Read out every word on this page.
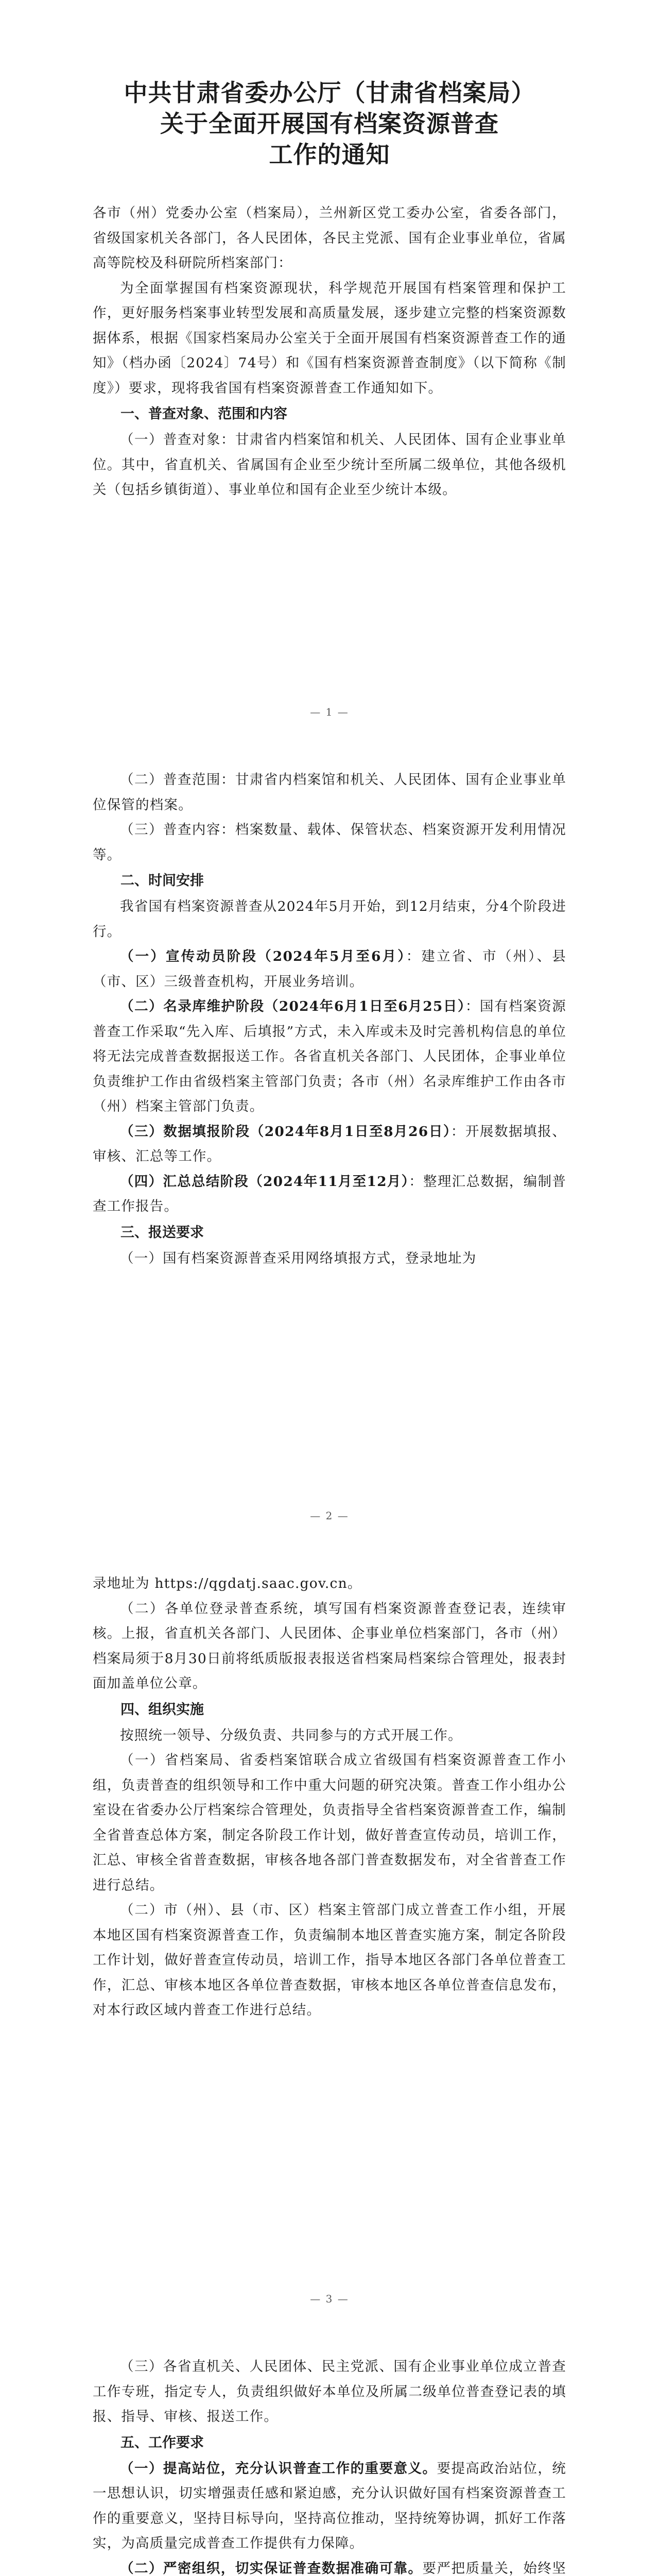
中共甘肃省委办公厅（甘肃省档案局）
关于全面开展国有档案资源普查
工作的通知
各市（州）党委办公室（档案局），兰州新区党工委办公室，省委各部门，省级国家机关各部门，各人民团体，各民主党派、国有企业事业单位，省属高等院校及科研院所档案部门：
为全面掌握国有档案资源现状，科学规范开展国有档案管理和保护工作，更好服务档案事业转型发展和高质量发展，逐步建立完整的档案资源数据体系，根据《国家档案局办公室关于全面开展国有档案资源普查工作的通知》（档办函〔2024〕74号）和《国有档案资源普查制度》（以下简称《制度》）要求，现将我省国有档案资源普查工作通知如下。
一、普查对象、范围和内容
（一）普查对象：甘肃省内档案馆和机关、人民团体、国有企业事业单位。其中，省直机关、省属国有企业至少统计至所属二级单位，其他各级机关（包括乡镇街道）、事业单位和国有企业至少统计本级。
— 1 —
（二）普查范围：甘肃省内档案馆和机关、人民团体、国有企业事业单位保管的档案。
（三）普查内容：档案数量、载体、保管状态、档案资源开发利用情况等。
二、时间安排
我省国有档案资源普查从2024年5月开始，到12月结束，分4个阶段进行。
（一）宣传动员阶段（2024年5月至6月）：建立省、市（州）、县（市、区）三级普查机构，开展业务培训。
（二）名录库维护阶段（2024年6月1日至6月25日）：国有档案资源普查工作采取“先入库、后填报”方式，未入库或未及时完善机构信息的单位将无法完成普查数据报送工作。各省直机关各部门、人民团体，企事业单位负责维护工作由省级档案主管部门负责；各市（州）名录库维护工作由各市（州）档案主管部门负责。
（三）数据填报阶段（2024年8月1日至8月26日）：开展数据填报、审核、汇总等工作。
（四）汇总总结阶段（2024年11月至12月）：整理汇总数据，编制普查工作报告。
三、报送要求
（一）国有档案资源普查采用网络填报方式，登录地址为
— 2 —
录地址为 https://qgdatj.saac.gov.cn。
（二）各单位登录普查系统，填写国有档案资源普查登记表，连续审核。上报，省直机关各部门、人民团体、企事业单位档案部门，各市（州）档案局须于8月30日前将纸质版报表报送省档案局档案综合管理处，报表封面加盖单位公章。
四、组织实施
按照统一领导、分级负责、共同参与的方式开展工作。
（一）省档案局、省委档案馆联合成立省级国有档案资源普查工作小组，负责普查的组织领导和工作中重大问题的研究决策。普查工作小组办公室设在省委办公厅档案综合管理处，负责指导全省档案资源普查工作，编制全省普查总体方案，制定各阶段工作计划，做好普查宣传动员，培训工作，汇总、审核全省普查数据，审核各地各部门普查数据发布，对全省普查工作进行总结。
（二）市（州）、县（市、区）档案主管部门成立普查工作小组，开展本地区国有档案资源普查工作，负责编制本地区普查实施方案，制定各阶段工作计划，做好普查宣传动员，培训工作，指导本地区各部门各单位普查工作，汇总、审核本地区各单位普查数据，审核本地区各单位普查信息发布，对本行政区域内普查工作进行总结。
— 3 —
（三）各省直机关、人民团体、民主党派、国有企业事业单位成立普查工作专班，指定专人，负责组织做好本单位及所属二级单位普查登记表的填报、指导、审核、报送工作。
五、工作要求
（一）提高站位，充分认识普查工作的重要意义。要提高政治站位，统一思想认识，切实增强责任感和紧迫感，充分认识做好国有档案资源普查工作的重要意义，坚持目标导向，坚持高位推动，坚持统筹协调，抓好工作落实，为高质量完成普查工作提供有力保障。
（二）严密组织，切实保证普查数据准确可靠。要严把质量关，始终坚
